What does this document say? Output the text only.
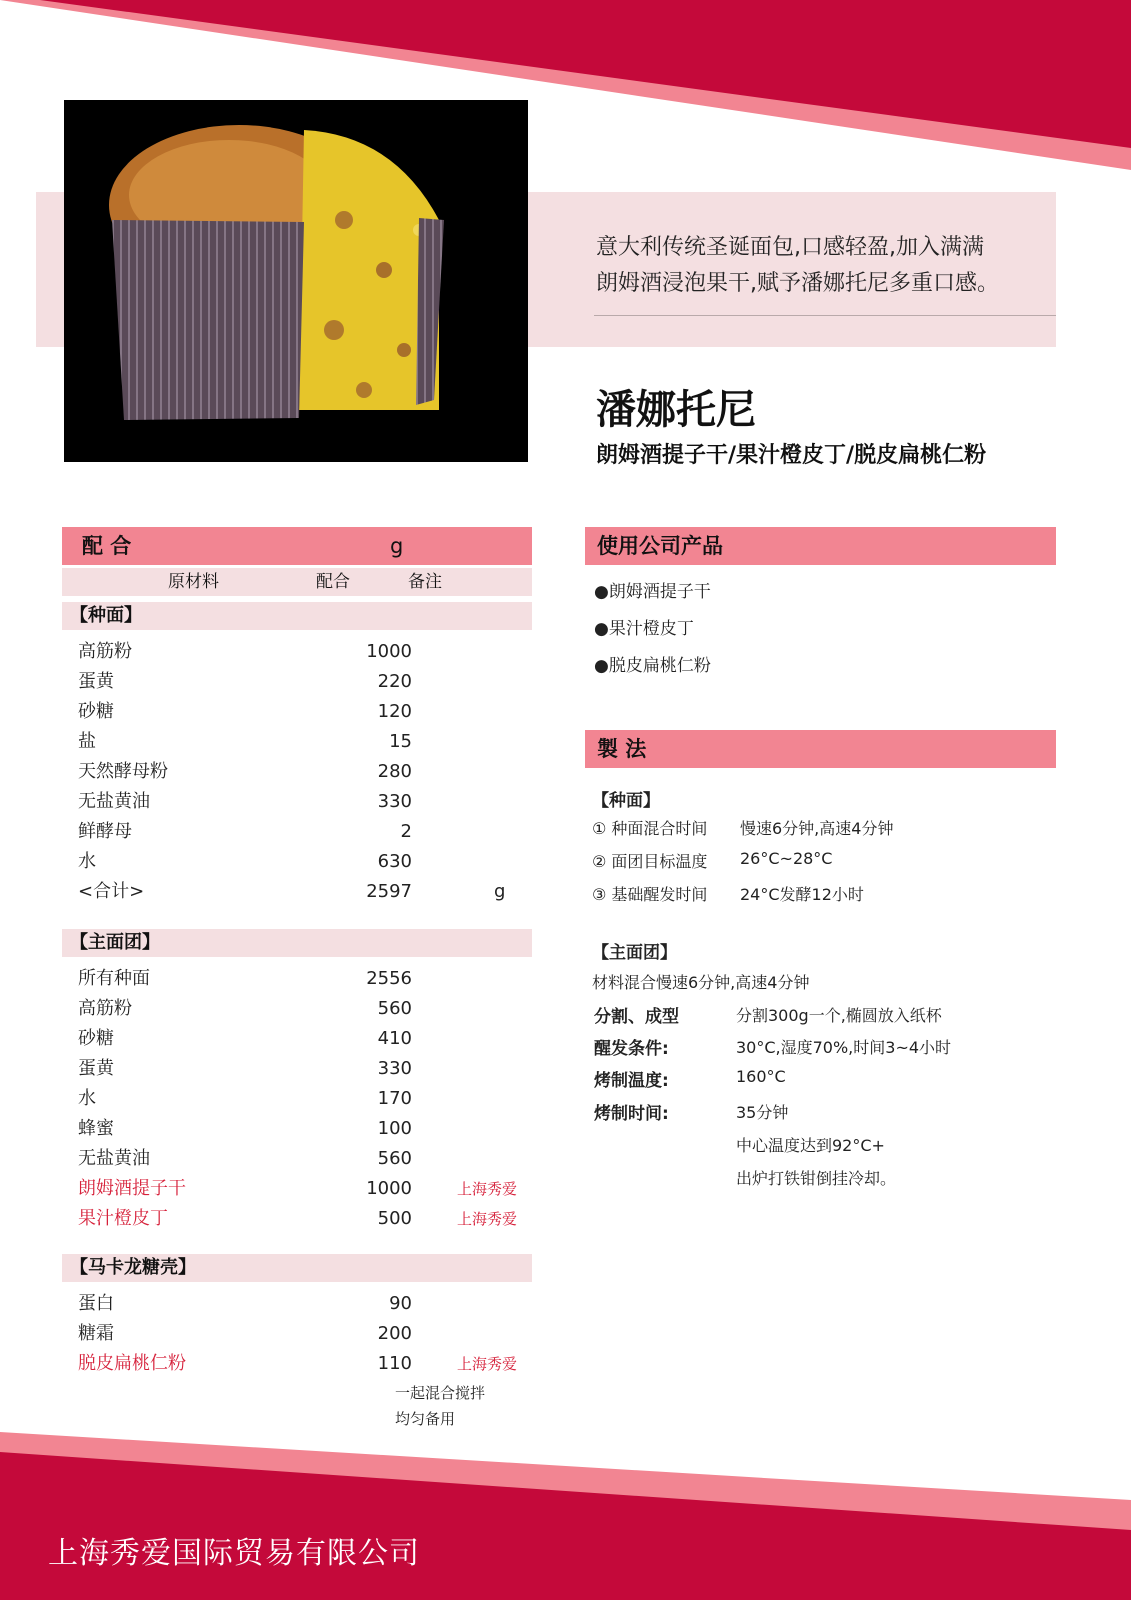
意大利传统圣诞面包,口感轻盈,加入满满
朗姆酒浸泡果干,赋予潘娜托尼多重口感。
潘娜托尼
朗姆酒提子干/果汁橙皮丁/脱皮扁桃仁粉
配 合	g
原材料	配合	备注
【种面】
高筋粉	1000
蛋黄	220
砂糖	120
盐	15
天然酵母粉	280
无盐黄油	330
鲜酵母	2
水	630
<合计>	2597	g
【主面团】
所有种面	2556
高筋粉	560
砂糖	410
蛋黄	330
水	170
蜂蜜	100
无盐黄油	560
朗姆酒提子干	1000	上海秀爱
果汁橙皮丁	500	上海秀爱
【马卡龙糖壳】
蛋白	90
糖霜	200
脱皮扁桃仁粉	110	上海秀爱
一起混合搅拌
均匀备用
使用公司产品
●朗姆酒提子干
●果汁橙皮丁
●脱皮扁桃仁粉
製 法
【种面】
① 种面混合时间 慢速6分钟,高速4分钟
② 面团目标温度 26°C~28°C
③ 基础醒发时间 24°C发酵12小时
【主面团】
材料混合慢速6分钟,高速4分钟
分割、成型	分割300g一个,椭圆放入纸杯
醒发条件:	30°C,湿度70%,时间3~4小时
烤制温度:	160°C
烤制时间:	35分钟
中心温度达到92°C+
出炉打铁钳倒挂冷却。
上海秀爱国际贸易有限公司
